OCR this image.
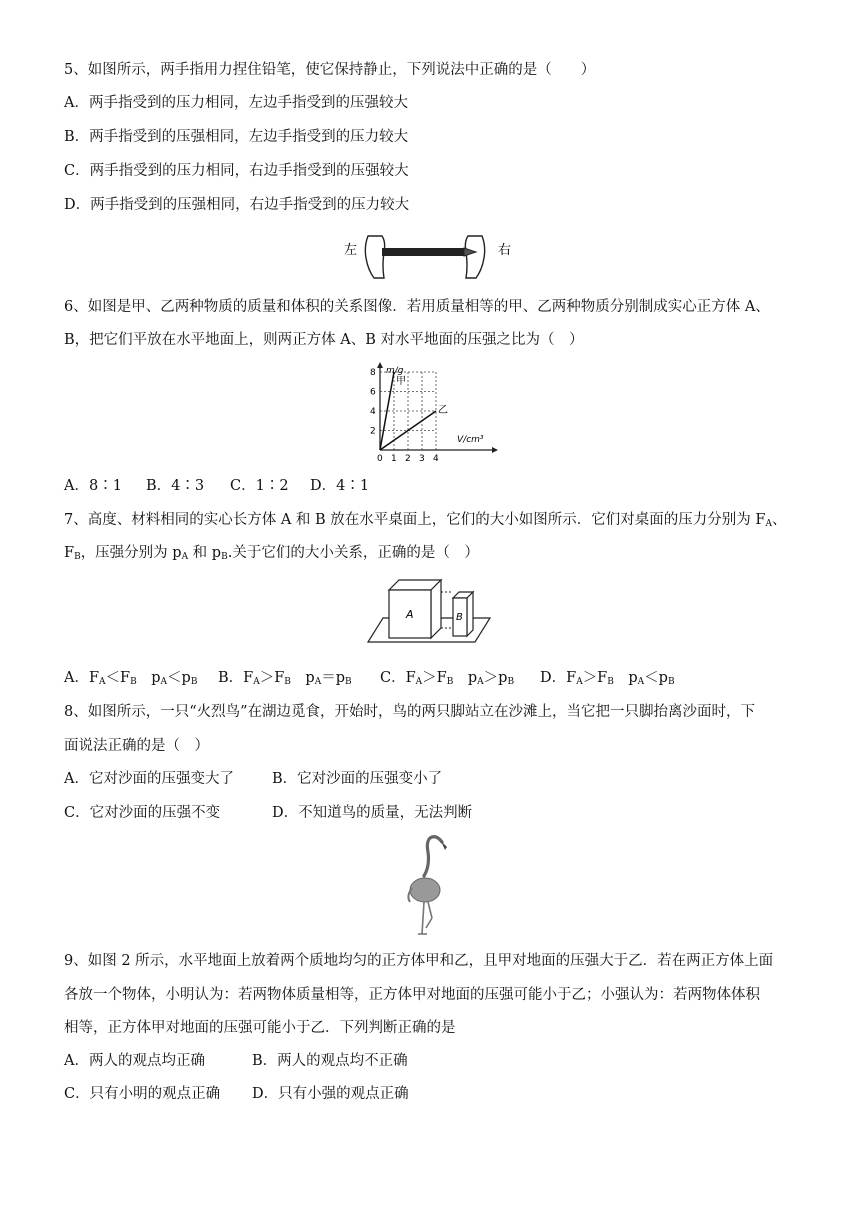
5、如图所示，两手指用力捏住铅笔，使它保持静止，下列说法中正确的是（　　）
A．两手指受到的压力相同，左边手指受到的压强较大
B．两手指受到的压强相同，左边手指受到的压力较大
C．两手指受到的压力相同，右边手指受到的压强较大
D．两手指受到的压强相同，右边手指受到的压力较大
左	右
6、如图是甲、乙两种物质的质量和体积的关系图像．若用质量相等的甲、乙两种物质分别制成实心正方体 A、
B，把它们平放在水平地面上，则两正方体 A、B 对水平地面的压强之比为（　）
m/g
V/cm³
0 1 2 3 4
2
4
6
8
甲
乙
A．8∶1 B．4∶3 C．1∶2 D．4∶1
7、高度、材料相同的实心长方体 A 和 B 放在水平桌面上，它们的大小如图所示．它们对桌面的压力分别为 $F_A$、
$F_B$，压强分别为 $p_A$ 和 $p_B$.关于它们的大小关系，正确的是（　）
A	B
A．$F_A<F_B$　$p_A<p_B$ B．$F_A>F_B$　$p_A=p_B$ C．$F_A>F_B$　$p_A>p_B$ D．$F_A>F_B$　$p_A<p_B$
8、如图所示，一只“火烈鸟”在湖边觅食，开始时，鸟的两只脚站立在沙滩上，当它把一只脚抬离沙面时，下
面说法正确的是（　）
A．它对沙面的压强变大了	B．它对沙面的压强变小了
C．它对沙面的压强不变	D．不知道鸟的质量，无法判断
9、如图 2 所示，水平地面上放着两个质地均匀的正方体甲和乙，且甲对地面的压强大于乙．若在两正方体上面
各放一个物体，小明认为：若两物体质量相等，正方体甲对地面的压强可能小于乙；小强认为：若两物体体积
相等，正方体甲对地面的压强可能小于乙．下列判断正确的是
A．两人的观点均正确	B．两人的观点均不正确
C．只有小明的观点正确 D．只有小强的观点正确
